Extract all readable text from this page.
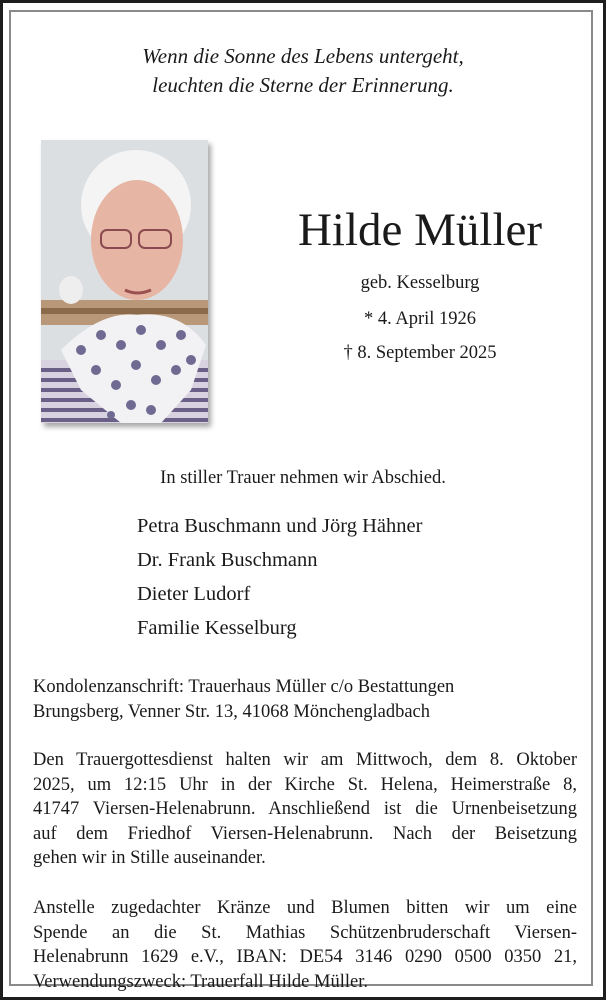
Wenn die Sonne des Lebens untergeht,
leuchten die Sterne der Erinnerung.
Hilde Müller
geb. Kesselburg
* 4. April 1926
† 8. September 2025
In stiller Trauer nehmen wir Abschied.
Petra Buschmann und Jörg Hähner
Dr. Frank Buschmann
Dieter Ludorf
Familie Kesselburg
Kondolenzanschrift: Trauerhaus Müller c/o Bestattungen
Brungsberg, Venner Str. 13, 41068 Mönchengladbach
Den Trauergottesdienst halten wir am Mittwoch, dem 8. Oktober
2025, um 12:15 Uhr in der Kirche St. Helena, Heimerstraße 8,
41747 Viersen-Helenabrunn. Anschließend ist die Urnenbeisetzung
auf dem Friedhof Viersen-Helenabrunn. Nach der Beisetzung
gehen wir in Stille auseinander.
Anstelle zugedachter Kränze und Blumen bitten wir um eine
Spende an die St. Mathias Schützenbruderschaft Viersen-
Helenabrunn 1629 e.V., IBAN: DE54 3146 0290 0500 0350 21,
Verwendungszweck: Trauerfall Hilde Müller.
